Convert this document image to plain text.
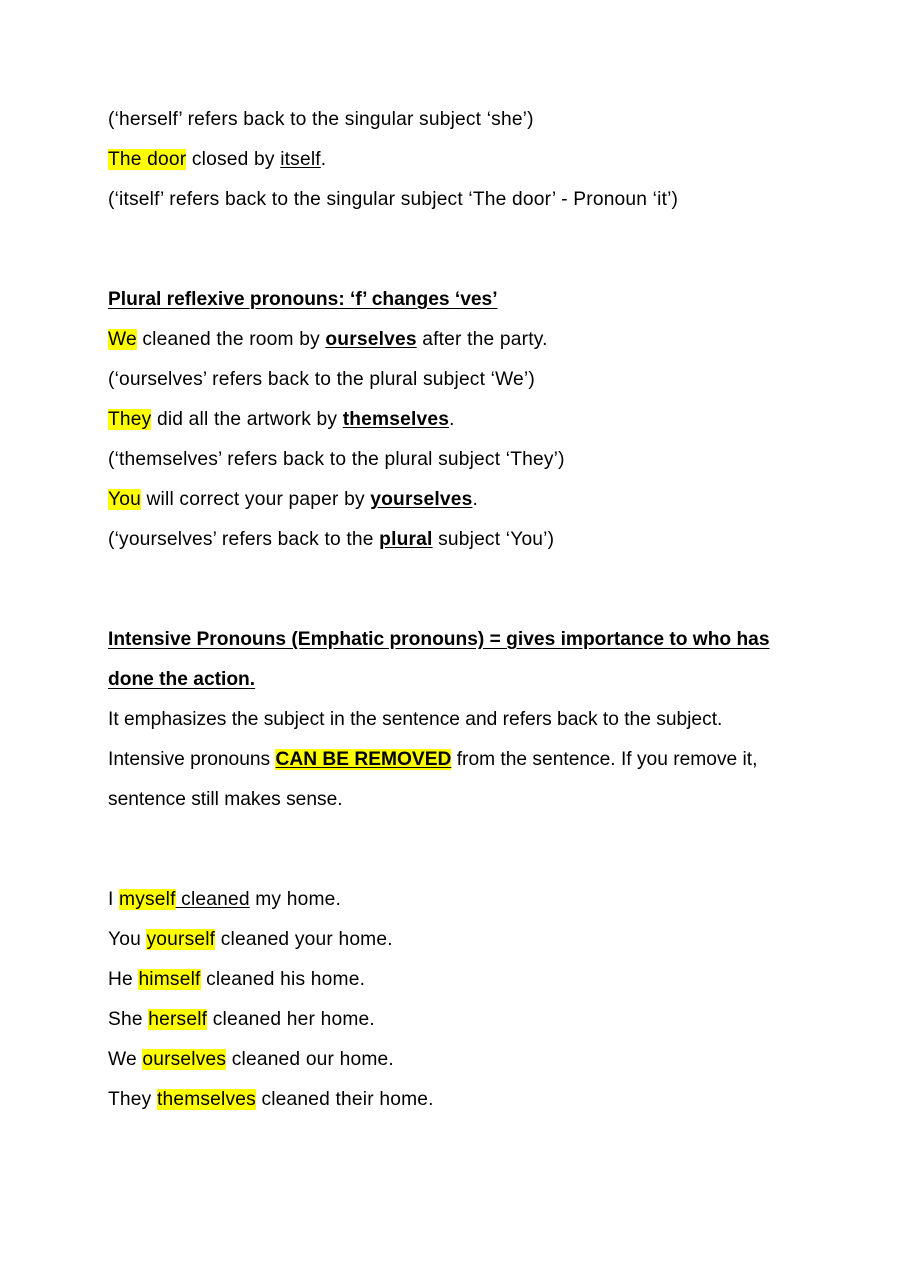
(‘herself’ refers back to the singular subject ‘she’)

The door closed by itself.

(‘itself’ refers back to the singular subject ‘The door’ - Pronoun ‘it’)

Plural reflexive pronouns: ‘f’ changes ‘ves’

We cleaned the room by ourselves after the party.

(‘ourselves’ refers back to the plural subject ‘We’)

They did all the artwork by themselves.

(‘themselves’ refers back to the plural subject ‘They’)

You will correct your paper by yourselves.

(‘yourselves’ refers back to the plural subject ‘You’)

Intensive Pronouns (Emphatic pronouns) = gives importance to who has done the action.

It emphasizes the subject in the sentence and refers back to the subject.

Intensive pronouns CAN BE REMOVED from the sentence. If you remove it, sentence still makes sense.

I myself cleaned my home.

You yourself cleaned your home.

He himself cleaned his home.

She herself cleaned her home.

We ourselves cleaned our home.

They themselves cleaned their home.
